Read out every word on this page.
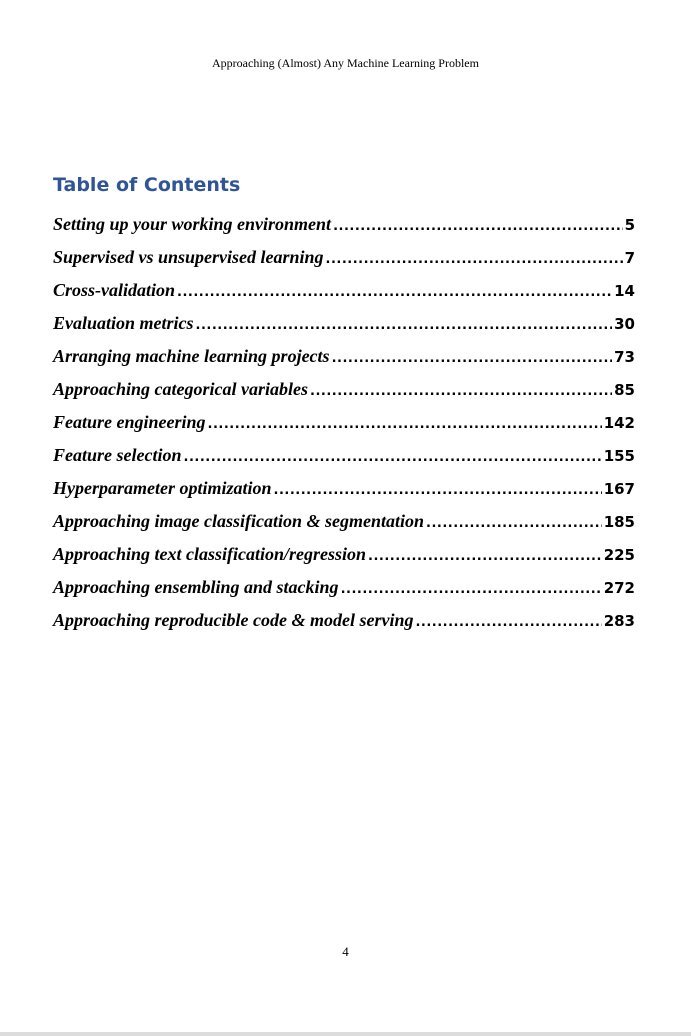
Approaching (Almost) Any Machine Learning Problem
Table of Contents
Setting up your working environment .....	5
Supervised vs unsupervised learning .....	7
Cross-validation .....	14
Evaluation metrics .....	30
Arranging machine learning projects .....	73
Approaching categorical variables .....	85
Feature engineering .....	142
Feature selection .....	155
Hyperparameter optimization .....	167
Approaching image classification & segmentation .....	185
Approaching text classification/regression .....	225
Approaching ensembling and stacking .....	272
Approaching reproducible code & model serving .....	283
4
